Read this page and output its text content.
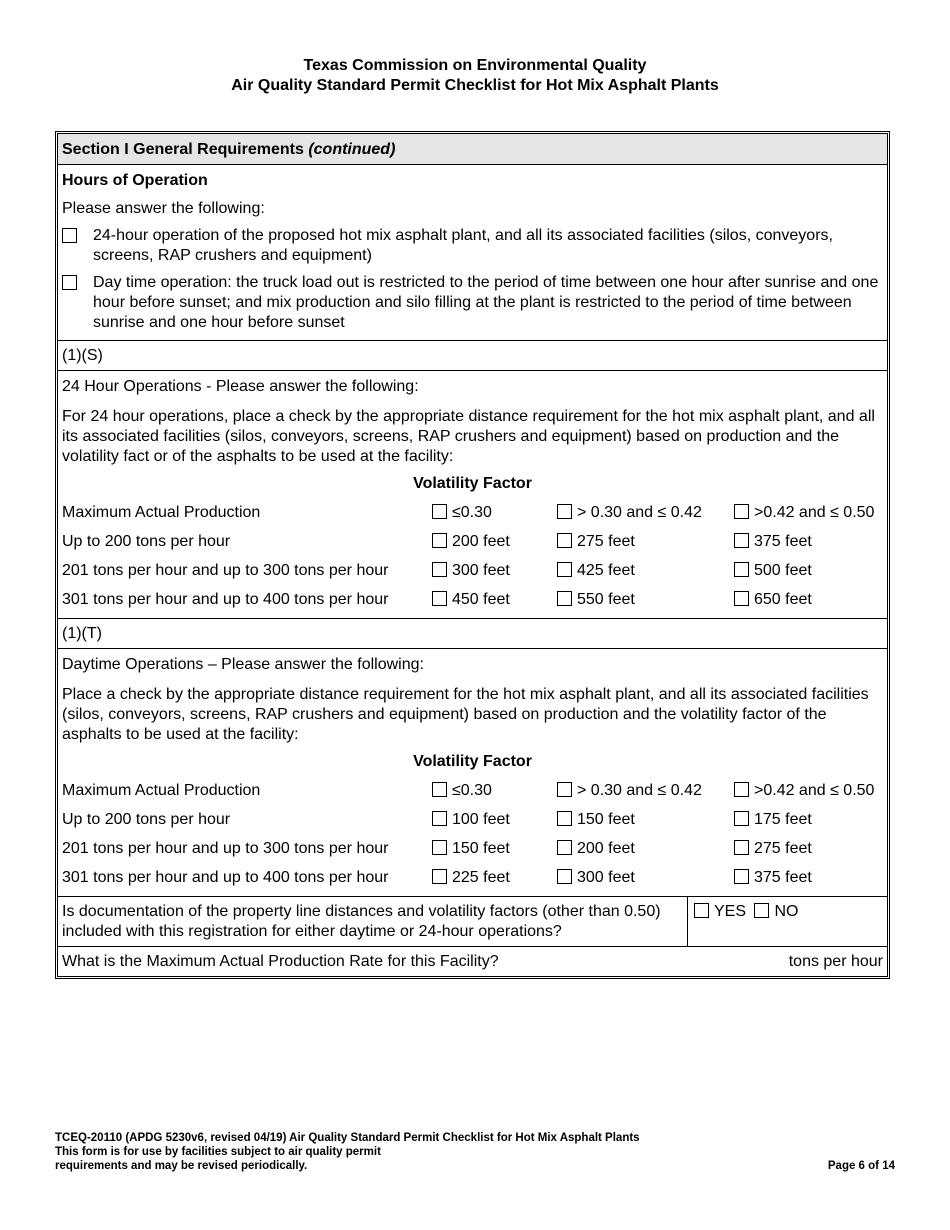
Texas Commission on Environmental Quality
Air Quality Standard Permit Checklist for Hot Mix Asphalt Plants
Section I General Requirements (continued)
Hours of Operation
Please answer the following:
24-hour operation of the proposed hot mix asphalt plant, and all its associated facilities (silos, conveyors, screens, RAP crushers and equipment)
Day time operation: the truck load out is restricted to the period of time between one hour after sunrise and one hour before sunset; and mix production and silo filling at the plant is restricted to the period of time between sunrise and one hour before sunset
(1)(S)
24 Hour Operations - Please answer the following:
For 24 hour operations, place a check by the appropriate distance requirement for the hot mix asphalt plant, and all its associated facilities (silos, conveyors, screens, RAP crushers and equipment) based on production and the volatility fact or of the asphalts to be used at the facility:
Volatility Factor
Maximum Actual Production	≤0.30	> 0.30 and ≤ 0.42	>0.42 and ≤ 0.50
Up to 200 tons per hour	200 feet	275 feet	375 feet
201 tons per hour and up to 300 tons per hour	300 feet	425 feet	500 feet
301 tons per hour and up to 400 tons per hour	450 feet	550 feet	650 feet
(1)(T)
Daytime Operations – Please answer the following:
Place a check by the appropriate distance requirement for the hot mix asphalt plant, and all its associated facilities (silos, conveyors, screens, RAP crushers and equipment) based on production and the volatility factor of the asphalts to be used at the facility:
Volatility Factor
Maximum Actual Production	≤0.30	> 0.30 and ≤ 0.42	>0.42 and ≤ 0.50
Up to 200 tons per hour	100 feet	150 feet	175 feet
201 tons per hour and up to 300 tons per hour	150 feet	200 feet	275 feet
301 tons per hour and up to 400 tons per hour	225 feet	300 feet	375 feet
Is documentation of the property line distances and volatility factors (other than 0.50) included with this registration for either daytime or 24-hour operations?
YES NO
What is the Maximum Actual Production Rate for this Facility?	tons per hour
TCEQ-20110 (APDG 5230v6, revised 04/19) Air Quality Standard Permit Checklist for Hot Mix Asphalt Plants
This form is for use by facilities subject to air quality permit
requirements and may be revised periodically.	Page 6 of 14
